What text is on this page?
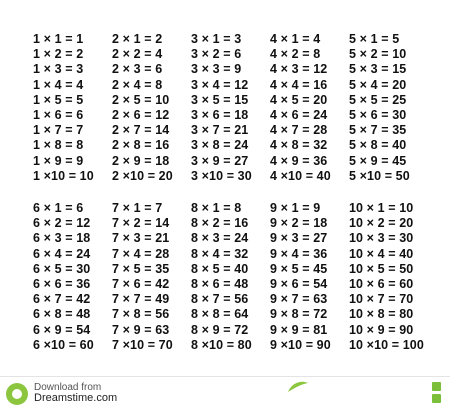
1 × 1 = 1
1 × 2 = 2
1 × 3 = 3
1 × 4 = 4
1 × 5 = 5
1 × 6 = 6
1 × 7 = 7
1 × 8 = 8
1 × 9 = 9
1 ×10 = 10
2 × 1 = 2
2 × 2 = 4
2 × 3 = 6
2 × 4 = 8
2 × 5 = 10
2 × 6 = 12
2 × 7 = 14
2 × 8 = 16
2 × 9 = 18
2 ×10 = 20
3 × 1 = 3
3 × 2 = 6
3 × 3 = 9
3 × 4 = 12
3 × 5 = 15
3 × 6 = 18
3 × 7 = 21
3 × 8 = 24
3 × 9 = 27
3 ×10 = 30
4 × 1 = 4
4 × 2 = 8
4 × 3 = 12
4 × 4 = 16
4 × 5 = 20
4 × 6 = 24
4 × 7 = 28
4 × 8 = 32
4 × 9 = 36
4 ×10 = 40
5 × 1 = 5
5 × 2 = 10
5 × 3 = 15
5 × 4 = 20
5 × 5 = 25
5 × 6 = 30
5 × 7 = 35
5 × 8 = 40
5 × 9 = 45
5 ×10 = 50
6 × 1 = 6
6 × 2 = 12
6 × 3 = 18
6 × 4 = 24
6 × 5 = 30
6 × 6 = 36
6 × 7 = 42
6 × 8 = 48
6 × 9 = 54
6 ×10 = 60
7 × 1 = 7
7 × 2 = 14
7 × 3 = 21
7 × 4 = 28
7 × 5 = 35
7 × 6 = 42
7 × 7 = 49
7 × 8 = 56
7 × 9 = 63
7 ×10 = 70
8 × 1 = 8
8 × 2 = 16
8 × 3 = 24
8 × 4 = 32
8 × 5 = 40
8 × 6 = 48
8 × 7 = 56
8 × 8 = 64
8 × 9 = 72
8 ×10 = 80
9 × 1 = 9
9 × 2 = 18
9 × 3 = 27
9 × 4 = 36
9 × 5 = 45
9 × 6 = 54
9 × 7 = 63
9 × 8 = 72
9 × 9 = 81
9 ×10 = 90
10 × 1 = 10
10 × 2 = 20
10 × 3 = 30
10 × 4 = 40
10 × 5 = 50
10 × 6 = 60
10 × 7 = 70
10 × 8 = 80
10 × 9 = 90
10 ×10 = 100
Download from
Dreamstime.com
